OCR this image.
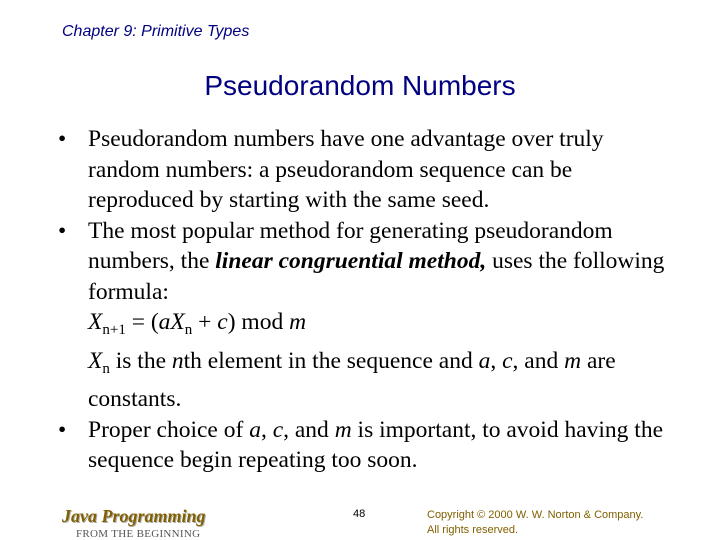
Chapter 9: Primitive Types
Pseudorandom Numbers
• Pseudorandom numbers have one advantage over truly random numbers: a pseudorandom sequence can be reproduced by starting with the same seed.
• The most popular method for generating pseudorandom numbers, the linear congruential method, uses the following formula:
$X_{n+1} = (aX_n + c)$ mod m
$X_n$ is the nth element in the sequence and a, c, and m are constants.
• Proper choice of a, c, and m is important, to avoid having the sequence begin repeating too soon.
Java Programming
FROM THE BEGINNING
48	Copyright © 2000 W. W. Norton & Company.
All rights reserved.
